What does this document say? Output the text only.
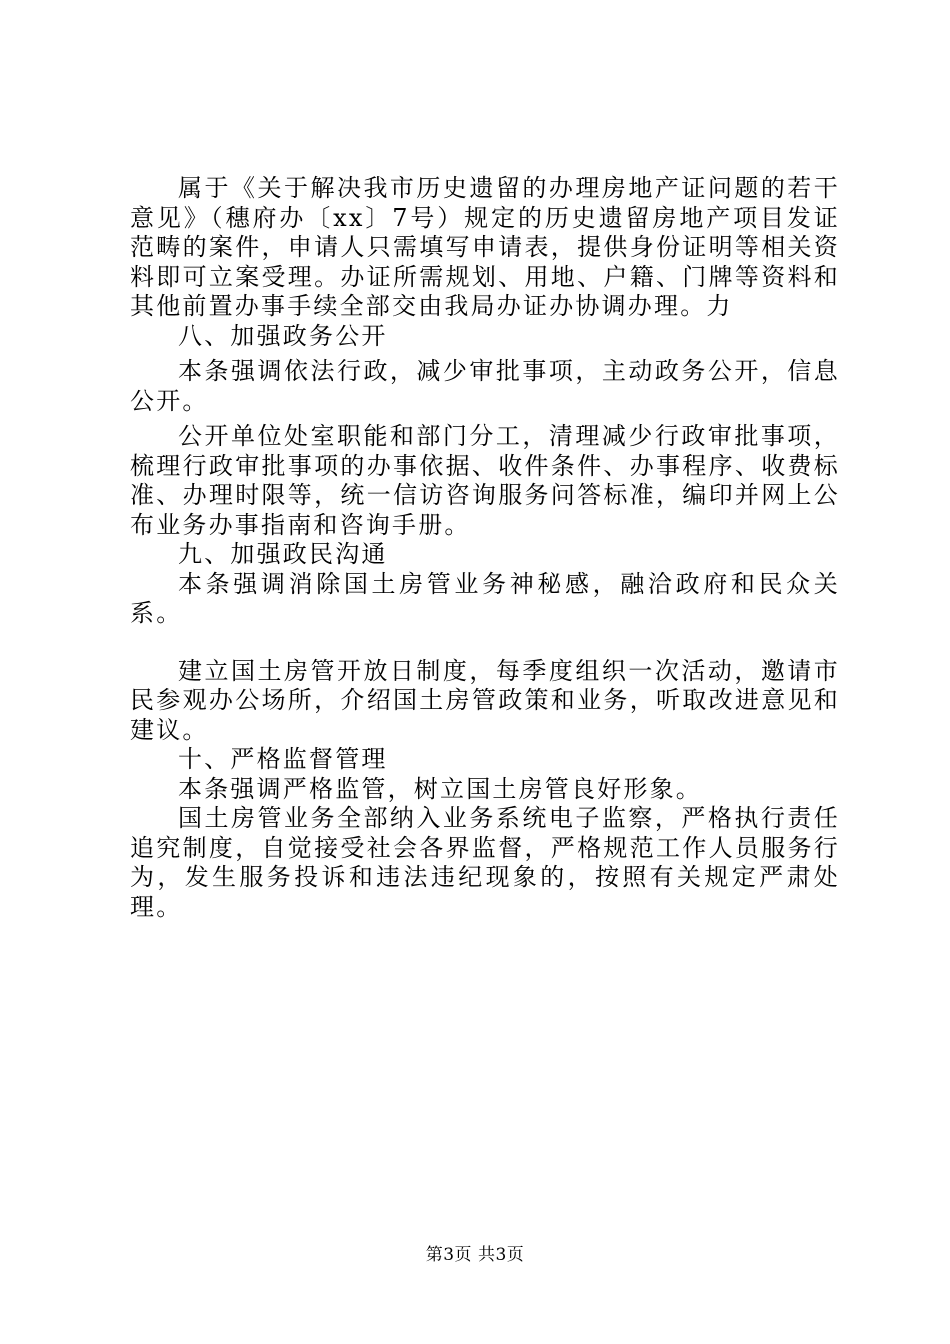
属于《关于解决我市历史遗留的办理房地产证问题的若干意见》（穗府办〔xx〕7号）规定的历史遗留房地产项目发证范畴的案件，申请人只需填写申请表，提供身份证明等相关资料即可立案受理。办证所需规划、用地、户籍、门牌等资料和其他前置办事手续全部交由我局办证办协调办理。力

八、加强政务公开

本条强调依法行政，减少审批事项，主动政务公开，信息公开。

公开单位处室职能和部门分工，清理减少行政审批事项，梳理行政审批事项的办事依据、收件条件、办事程序、收费标准、办理时限等，统一信访咨询服务问答标准，编印并网上公布业务办事指南和咨询手册。

九、加强政民沟通

本条强调消除国土房管业务神秘感，融洽政府和民众关系。

建立国土房管开放日制度，每季度组织一次活动，邀请市民参观办公场所，介绍国土房管政策和业务，听取改进意见和建议。

十、严格监督管理

本条强调严格监管，树立国土房管良好形象。

国土房管业务全部纳入业务系统电子监察，严格执行责任追究制度，自觉接受社会各界监督，严格规范工作人员服务行为，发生服务投诉和违法违纪现象的，按照有关规定严肃处理。

第3页 共3页
